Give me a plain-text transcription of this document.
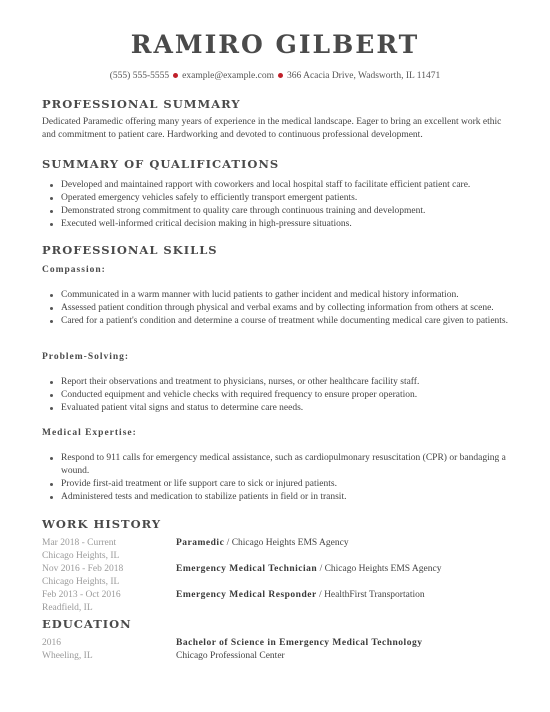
RAMIRO GILBERT
(555) 555-5555 example@example.com 366 Acacia Drive, Wadsworth, IL 11471
PROFESSIONAL SUMMARY

Dedicated Paramedic offering many years of experience in the medical landscape. Eager to bring an excellent work ethic and commitment to patient care. Hardworking and devoted to continuous professional development.

SUMMARY OF QUALIFICATIONS
Developed and maintained rapport with coworkers and local hospital staff to facilitate efficient patient care.
Operated emergency vehicles safely to efficiently transport emergent patients.
Demonstrated strong commitment to quality care through continuous training and development.
Executed well-informed critical decision making in high-pressure situations.
PROFESSIONAL SKILLS
Compassion:
Communicated in a warm manner with lucid patients to gather incident and medical history information.
Assessed patient condition through physical and verbal exams and by collecting information from others at scene.
Cared for a patient's condition and determine a course of treatment while documenting medical care given to patients.
Problem-Solving:
Report their observations and treatment to physicians, nurses, or other healthcare facility staff.
Conducted equipment and vehicle checks with required frequency to ensure proper operation.
Evaluated patient vital signs and status to determine care needs.
Medical Expertise:
Respond to 911 calls for emergency medical assistance, such as cardiopulmonary resuscitation (CPR) or bandaging a wound.
Provide first-aid treatment or life support care to sick or injured patients.
Administered tests and medication to stabilize patients in field or in transit.
WORK HISTORY
Mar 2018 - Current
Chicago Heights, IL
Paramedic / Chicago Heights EMS Agency
Nov 2016 - Feb 2018
Chicago Heights, IL
Emergency Medical Technician / Chicago Heights EMS Agency
Feb 2013 - Oct 2016
Readfield, IL
Emergency Medical Responder / HealthFirst Transportation
EDUCATION
2016
Wheeling, IL
Bachelor of Science in Emergency Medical Technology
Chicago Professional Center
